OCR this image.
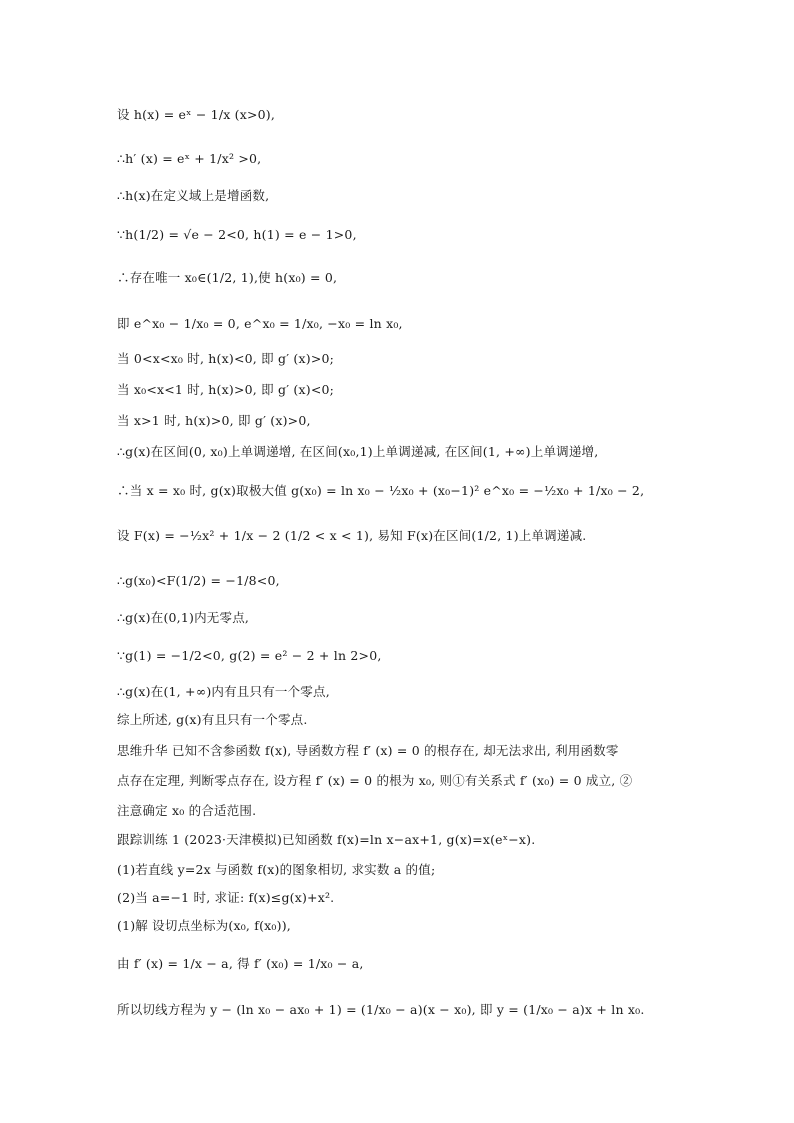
设 h(x) = eˣ − 1/x (x>0),
∴h′ (x) = eˣ + 1/x² >0,
∴h(x)在定义域上是增函数,
∵h(1/2) = √e − 2<0, h(1) = e − 1>0,
∴存在唯一 x₀∈(1/2, 1),使 h(x₀) = 0,
即 e^x₀ − 1/x₀ = 0, e^x₀ = 1/x₀, −x₀ = ln x₀,
当 0<x<x₀ 时, h(x)<0, 即 g′ (x)>0;
当 x₀<x<1 时, h(x)>0, 即 g′ (x)<0;
当 x>1 时, h(x)>0, 即 g′ (x)>0,
∴g(x)在区间(0, x₀)上单调递增, 在区间(x₀,1)上单调递减, 在区间(1, +∞)上单调递增,
∴当 x = x₀ 时, g(x)取极大值 g(x₀) = ln x₀ − ½x₀ + (x₀−1)² e^x₀ = −½x₀ + 1/x₀ − 2,
设 F(x) = −½x² + 1/x − 2 (1/2 < x < 1), 易知 F(x)在区间(1/2, 1)上单调递减.
∴g(x₀)<F(1/2) = −1/8<0,
∴g(x)在(0,1)内无零点,
∵g(1) = −1/2<0, g(2) = e² − 2 + ln 2>0,
∴g(x)在(1, +∞)内有且只有一个零点,
综上所述, g(x)有且只有一个零点.
思维升华 已知不含参函数 f(x), 导函数方程 f′ (x) = 0 的根存在, 却无法求出, 利用函数零
点存在定理, 判断零点存在, 设方程 f′ (x) = 0 的根为 x₀, 则①有关系式 f′ (x₀) = 0 成立, ②
注意确定 x₀ 的合适范围.
跟踪训练 1 (2023·天津模拟)已知函数 f(x)=ln x−ax+1, g(x)=x(eˣ−x).
(1)若直线 y=2x 与函数 f(x)的图象相切, 求实数 a 的值;
(2)当 a=−1 时, 求证: f(x)≤g(x)+x².
(1)解 设切点坐标为(x₀, f(x₀)),
由 f′ (x) = 1/x − a, 得 f′ (x₀) = 1/x₀ − a,
所以切线方程为 y − (ln x₀ − ax₀ + 1) = (1/x₀ − a)(x − x₀), 即 y = (1/x₀ − a)x + ln x₀.
